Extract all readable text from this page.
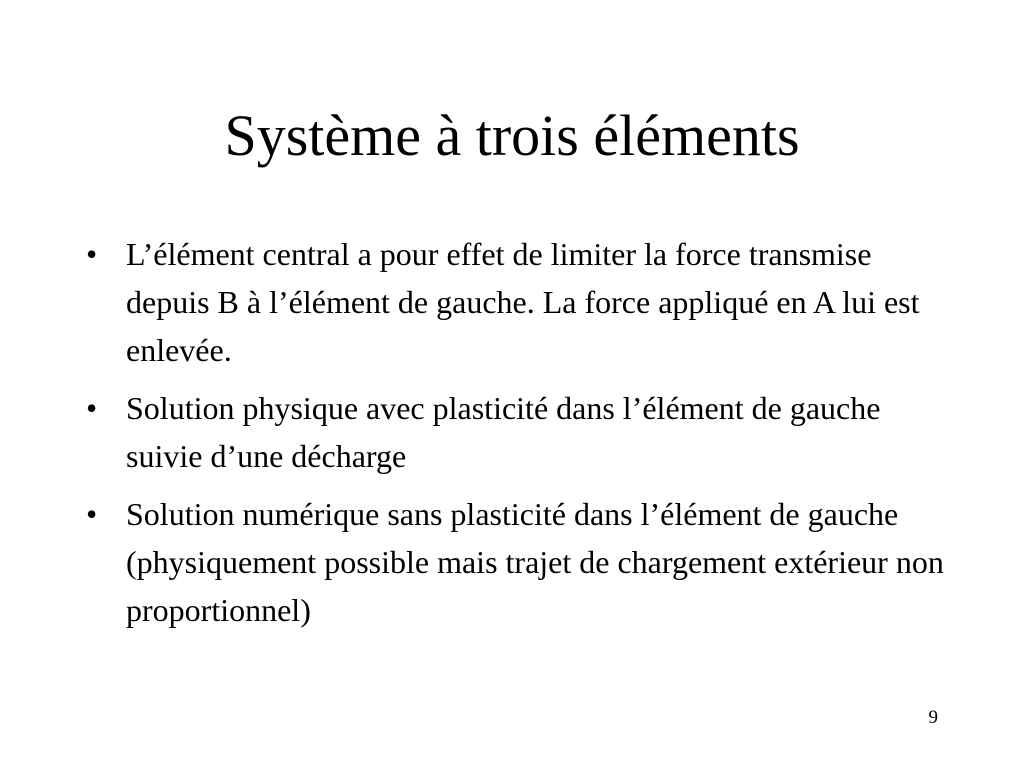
Système à trois éléments
• L’élément central a pour effet de limiter la force transmise depuis B à l’élément de gauche. La force appliqué en A lui est enlevée.
• Solution physique avec plasticité dans l’élément de gauche suivie d’une décharge
• Solution numérique sans plasticité dans l’élément de gauche (physiquement possible mais trajet de chargement extérieur non proportionnel)
9
